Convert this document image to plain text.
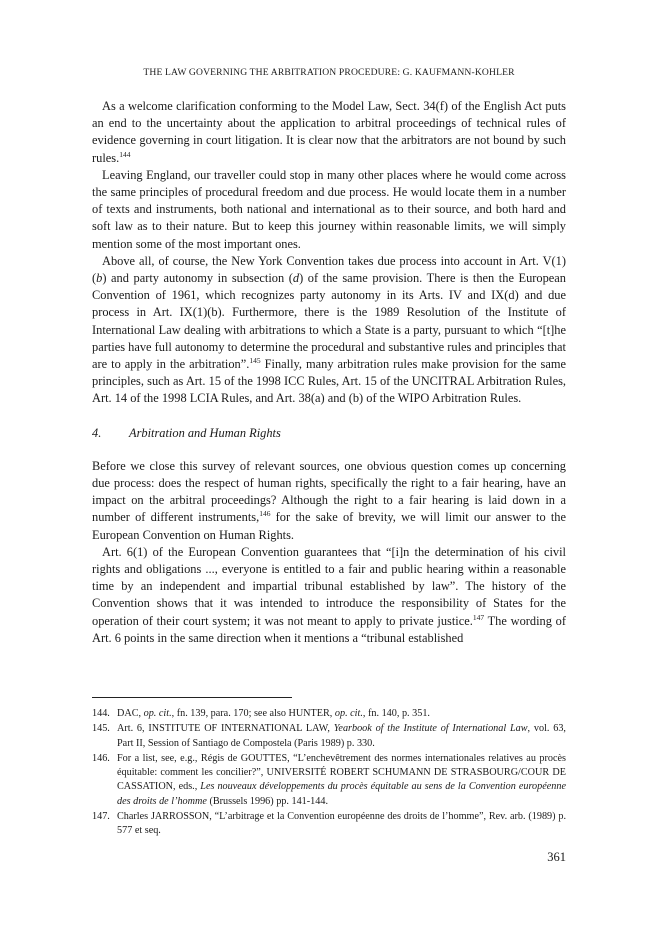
THE LAW GOVERNING THE ARBITRATION PROCEDURE: G. KAUFMANN-KOHLER

As a welcome clarification conforming to the Model Law, Sect. 34(f) of the English Act puts an end to the uncertainty about the application to arbitral proceedings of technical rules of evidence governing in court litigation. It is clear now that the arbitrators are not bound by such rules.$^{144}$

Leaving England, our traveller could stop in many other places where he would come across the same principles of procedural freedom and due process. He would locate them in a number of texts and instruments, both national and international as to their source, and both hard and soft law as to their nature. But to keep this journey within reasonable limits, we will simply mention some of the most important ones.

Above all, of course, the New York Convention takes due process into account in Art. V(1)(b) and party autonomy in subsection (d) of the same provision. There is then the European Convention of 1961, which recognizes party autonomy in its Arts. IV and IX(d) and due process in Art. IX(1)(b). Furthermore, there is the 1989 Resolution of the Institute of International Law dealing with arbitrations to which a State is a party, pursuant to which “[t]he parties have full autonomy to determine the procedural and substantive rules and principles that are to apply in the arbitration”.$^{145}$ Finally, many arbitration rules make provision for the same principles, such as Art. 15 of the 1998 ICC Rules, Art. 15 of the UNCITRAL Arbitration Rules, Art. 14 of the 1998 LCIA Rules, and Art. 38(a) and (b) of the WIPO Arbitration Rules.

4. Arbitration and Human Rights

Before we close this survey of relevant sources, one obvious question comes up concerning due process: does the respect of human rights, specifically the right to a fair hearing, have an impact on the arbitral proceedings? Although the right to a fair hearing is laid down in a number of different instruments,$^{146}$ for the sake of brevity, we will limit our answer to the European Convention on Human Rights.

Art. 6(1) of the European Convention guarantees that “[i]n the determination of his civil rights and obligations ..., everyone is entitled to a fair and public hearing within a reasonable time by an independent and impartial tribunal established by law”. The history of the Convention shows that it was intended to introduce the responsibility of States for the operation of their court system; it was not meant to apply to private justice.$^{147}$ The wording of Art. 6 points in the same direction when it mentions a “tribunal established

144. DAC, op. cit., fn. 139, para. 170; see also HUNTER, op. cit., fn. 140, p. 351.
145. Art. 6, INSTITUTE OF INTERNATIONAL LAW, Yearbook of the Institute of International Law, vol. 63, Part II, Session of Santiago de Compostela (Paris 1989) p. 330.
146. For a list, see, e.g., Régis de GOUTTES, “L’enchevêtrement des normes internationales relatives au procès équitable: comment les concilier?”, UNIVERSITÉ ROBERT SCHUMANN DE STRASBOURG/COUR DE CASSATION, eds., Les nouveaux développements du procès équitable au sens de la Convention européenne des droits de l’homme (Brussels 1996) pp. 141-144.
147. Charles JARROSSON, “L’arbitrage et la Convention européenne des droits de l’homme”, Rev. arb. (1989) p. 577 et seq.
361
